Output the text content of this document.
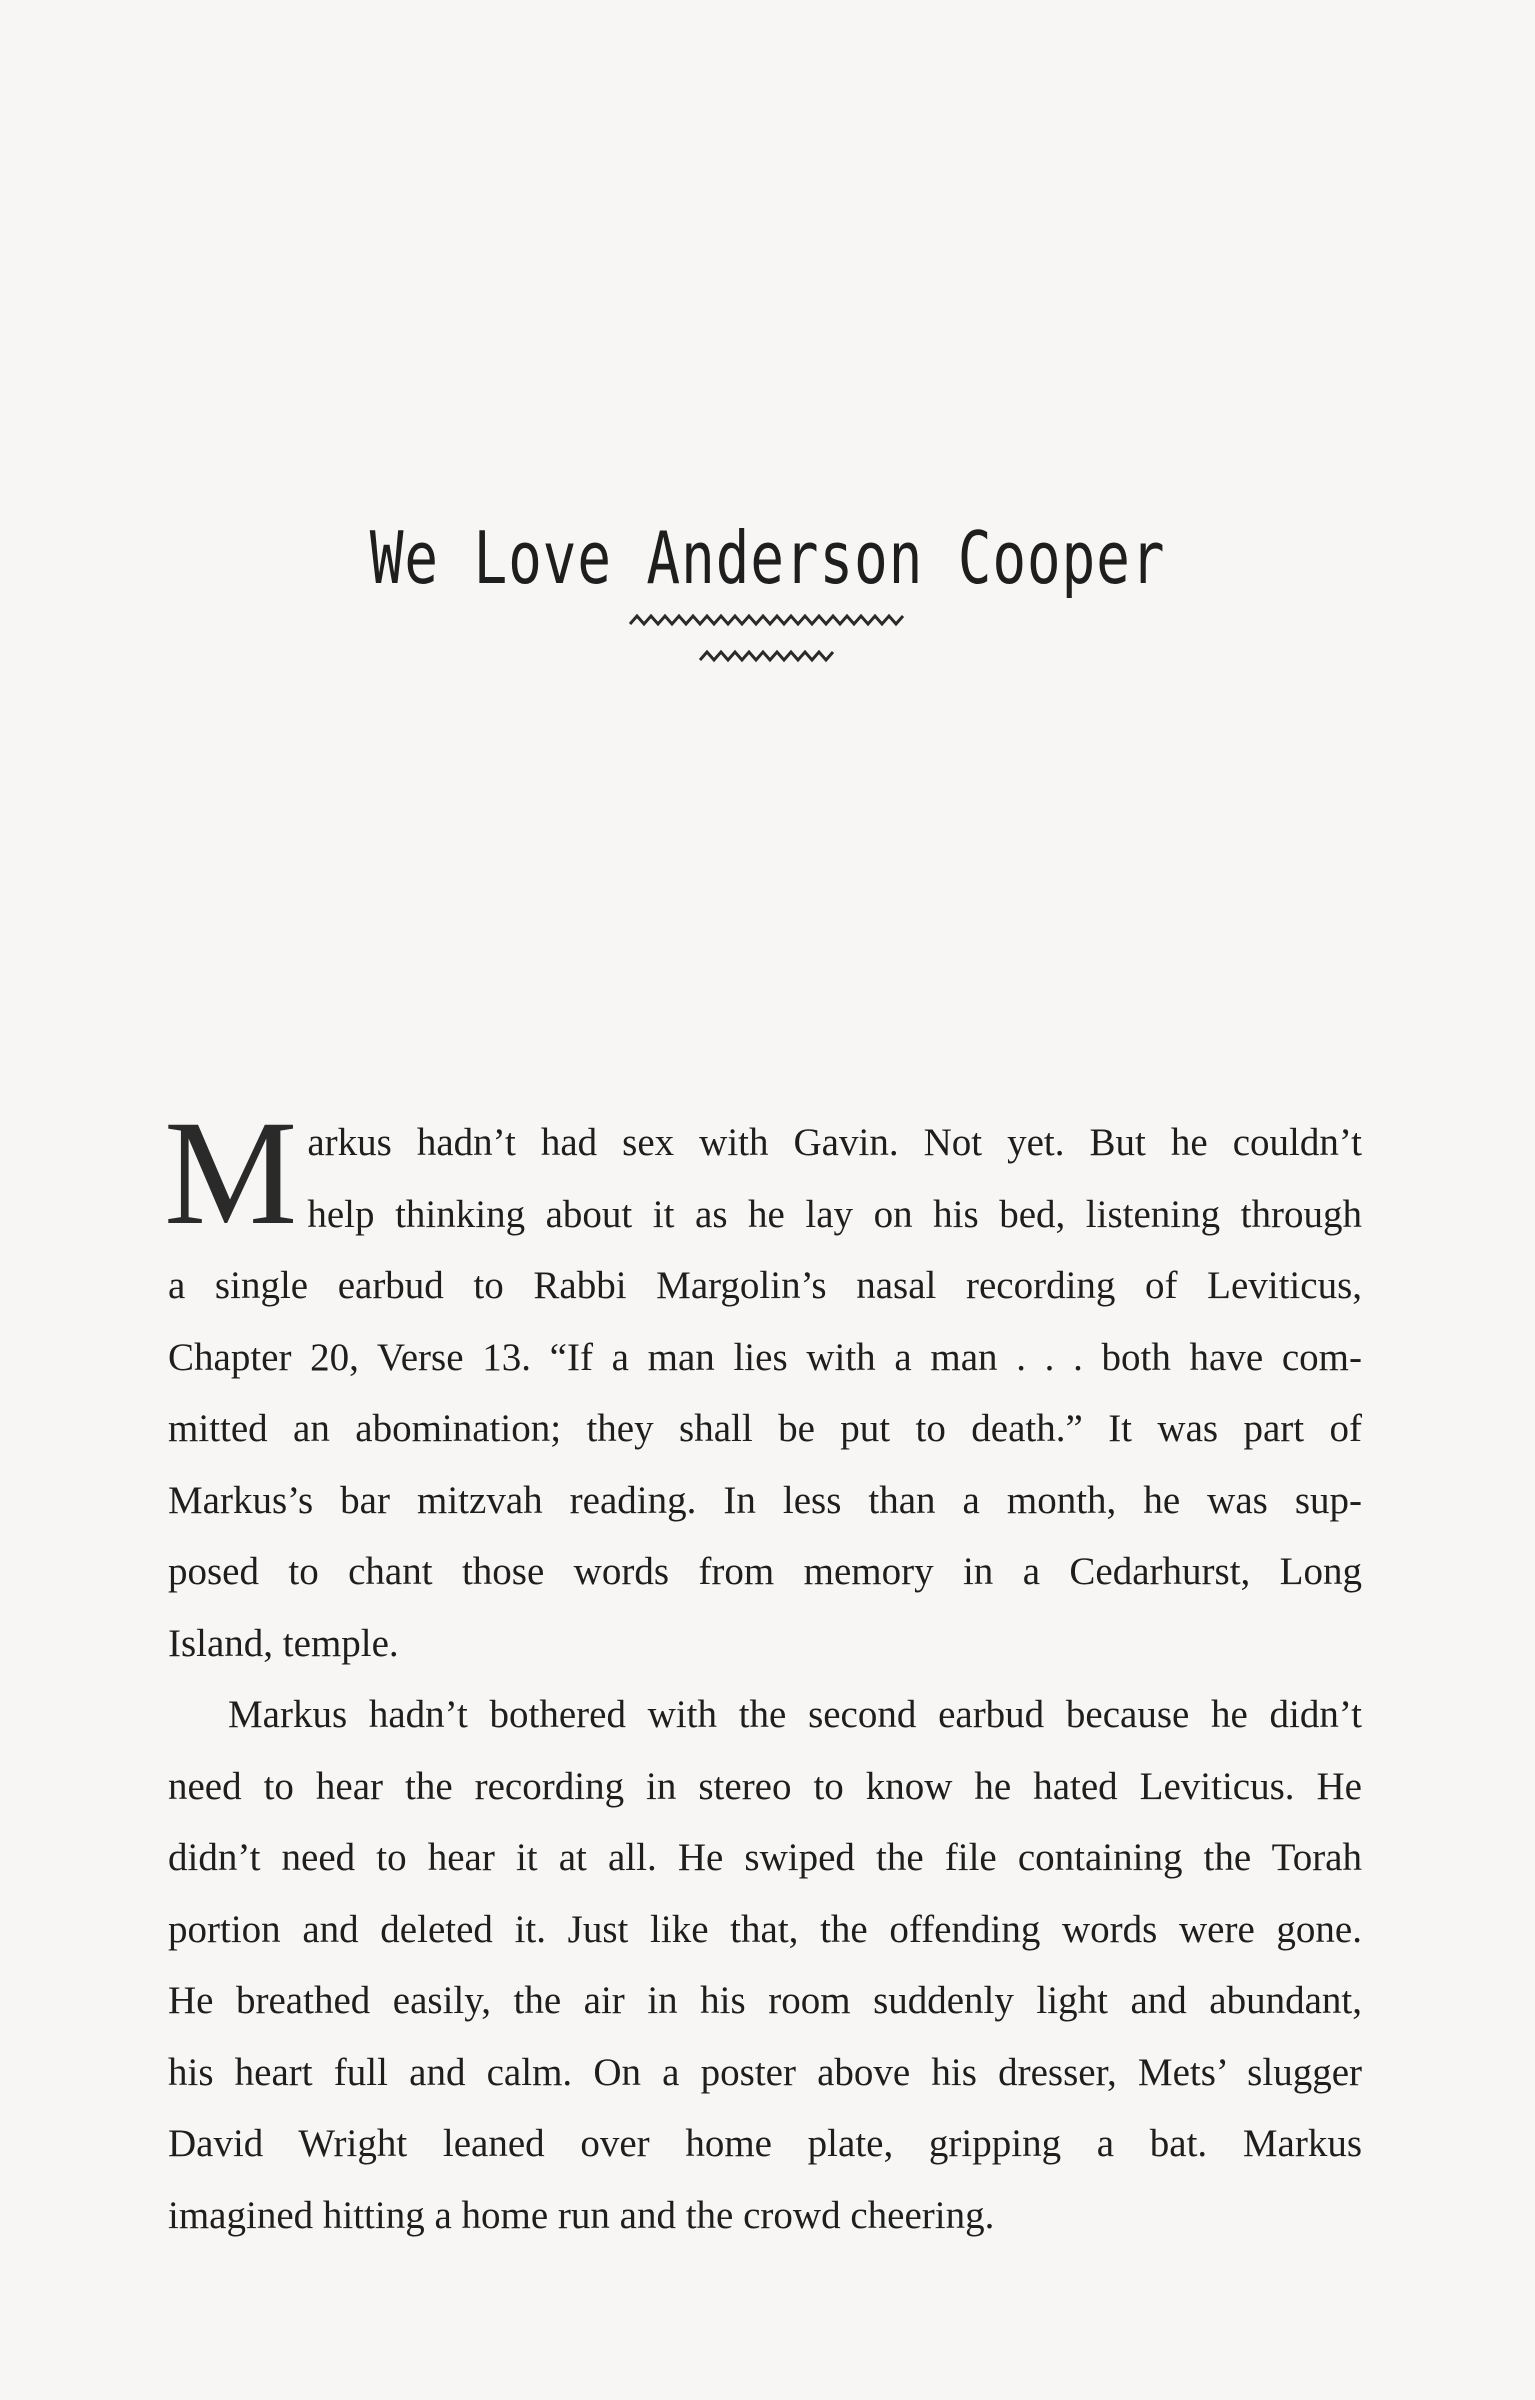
We Love Anderson Cooper

M arkus hadn’t had sex with Gavin. Not yet. But he couldn’t
help thinking about it as he lay on his bed, listening through
a single earbud to Rabbi Margolin’s nasal recording of Leviticus,
Chapter 20, Verse 13. “If a man lies with a man . . . both have com-
mitted an abomination; they shall be put to death.” It was part of
Markus’s bar mitzvah reading. In less than a month, he was sup-
posed to chant those words from memory in a Cedarhurst, Long
Island, temple.

Markus hadn’t bothered with the second earbud because he didn’t
need to hear the recording in stereo to know he hated Leviticus. He
didn’t need to hear it at all. He swiped the file containing the Torah
portion and deleted it. Just like that, the offending words were gone.
He breathed easily, the air in his room suddenly light and abundant,
his heart full and calm. On a poster above his dresser, Mets’ slugger
David Wright leaned over home plate, gripping a bat. Markus
imagined hitting a home run and the crowd cheering.
